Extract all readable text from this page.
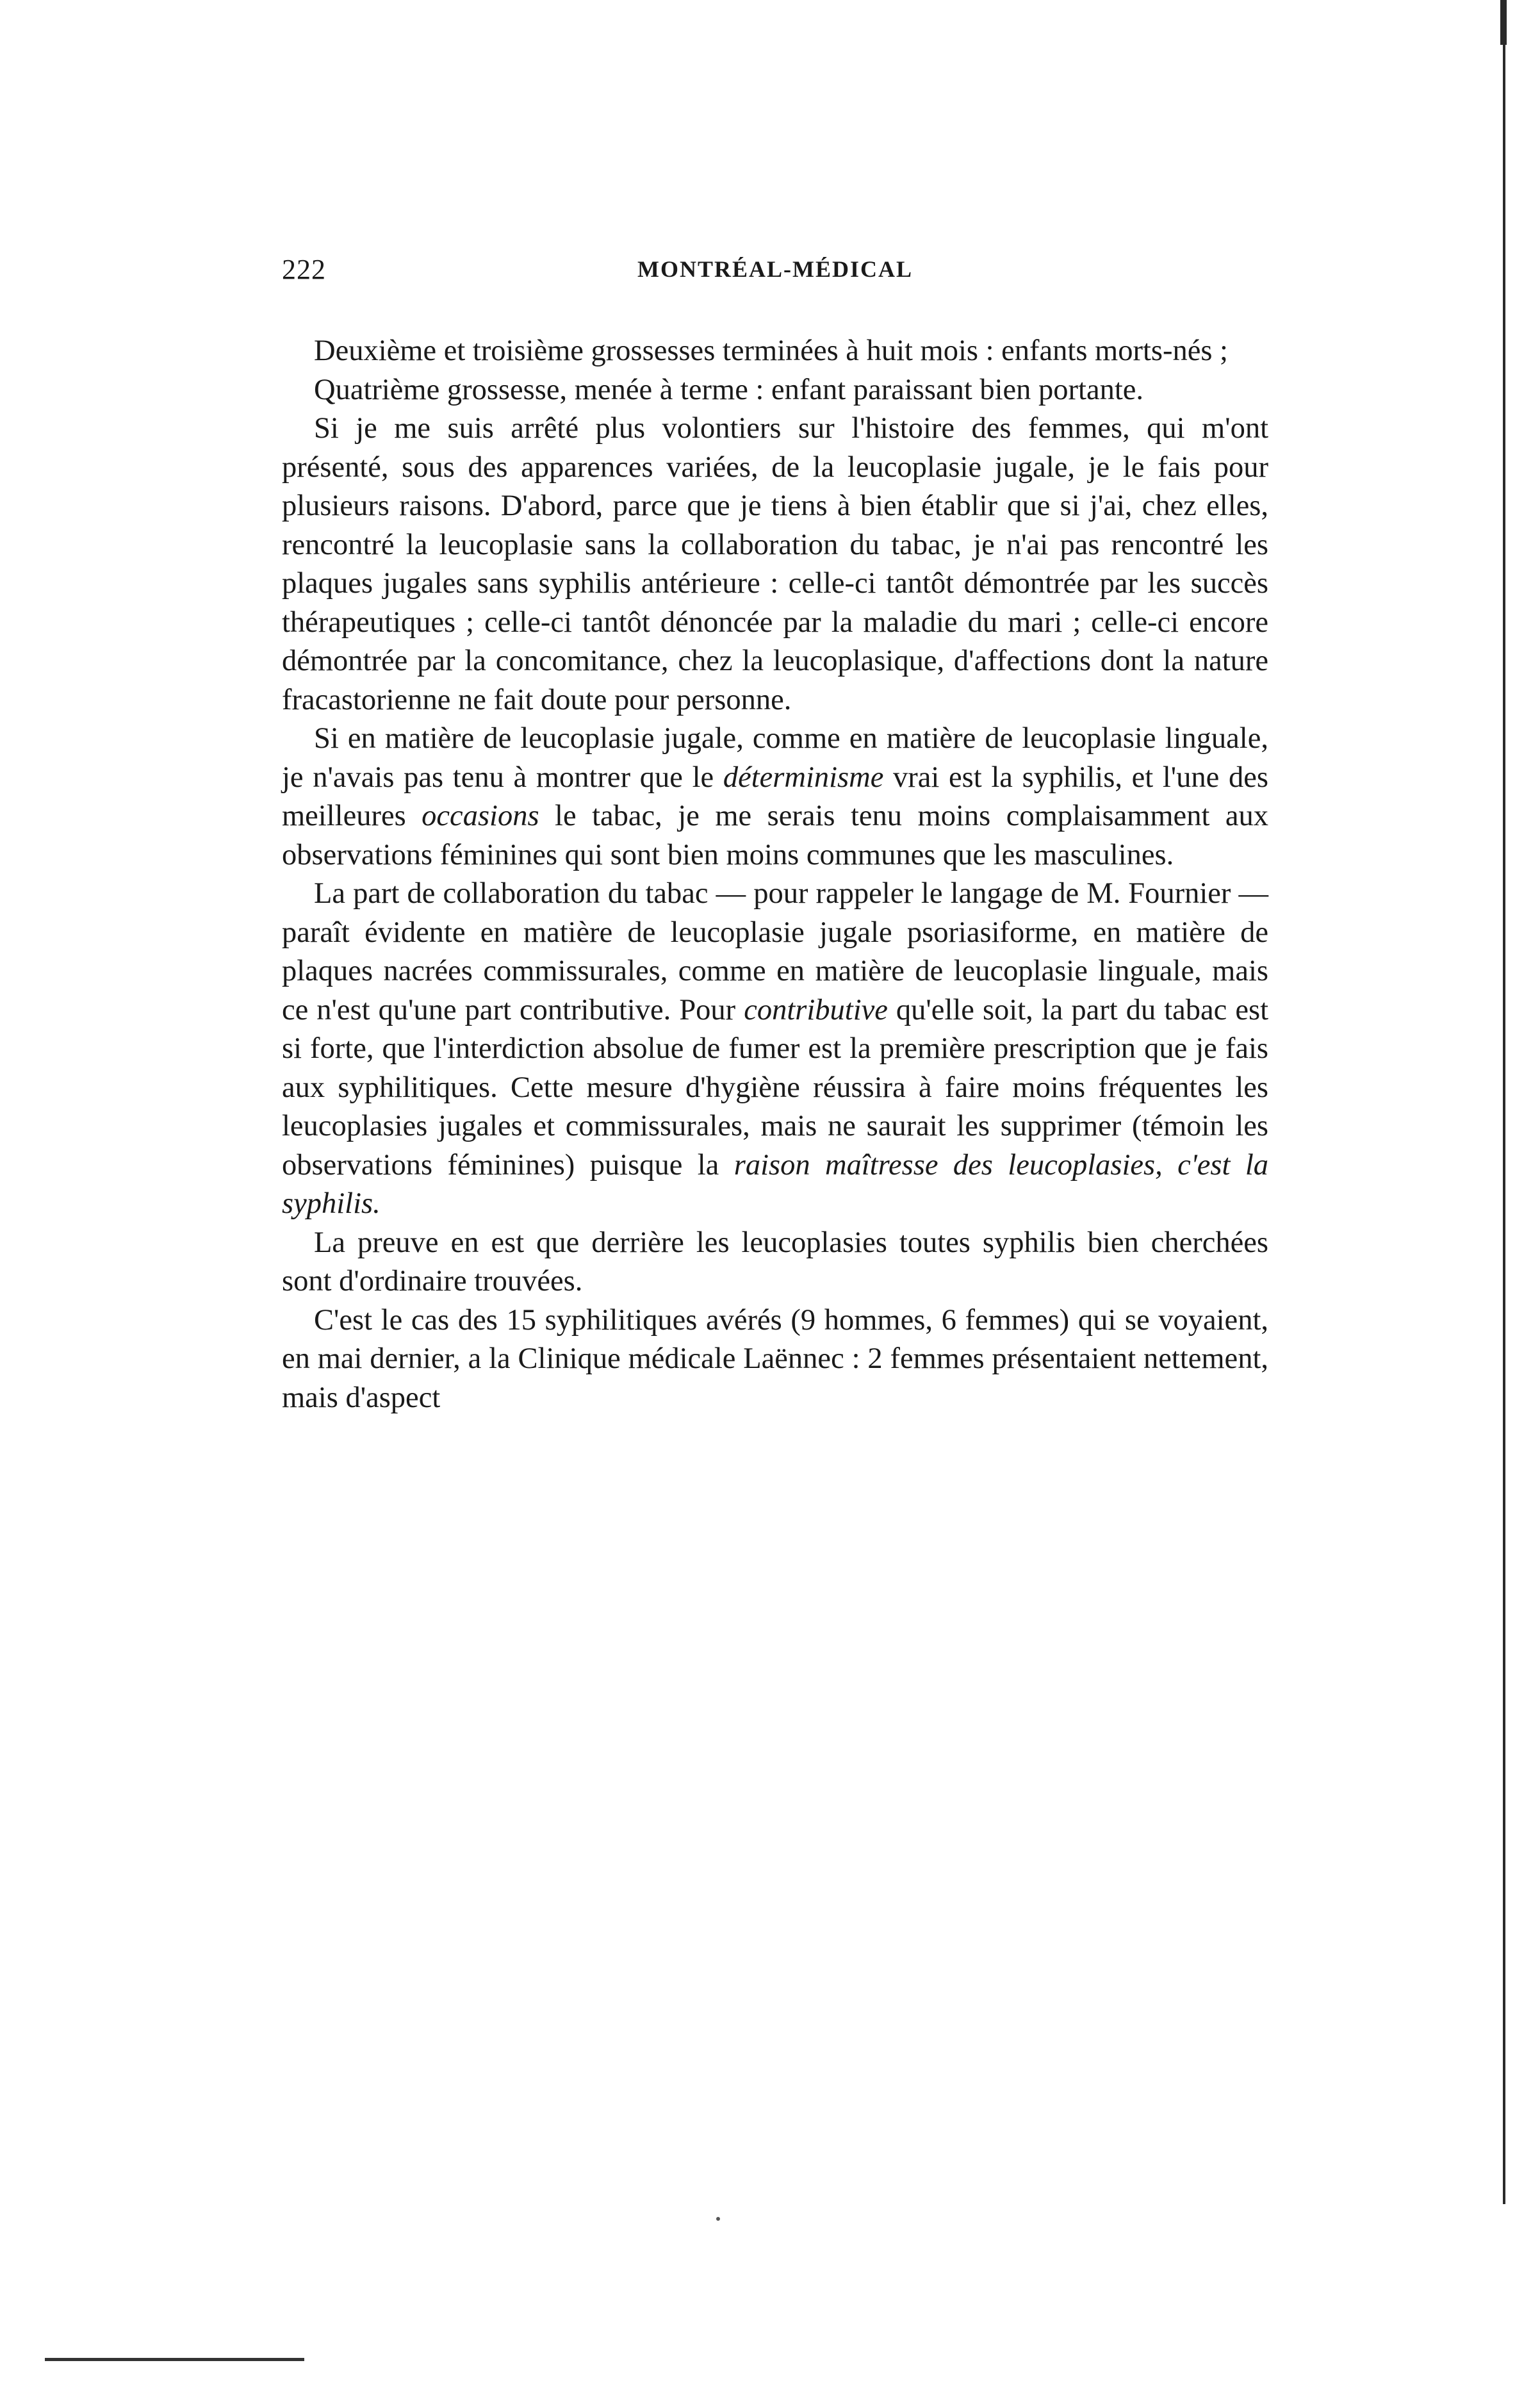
222	MONTRÉAL-MÉDICAL

Deuxième et troisième grossesses terminées à huit mois : enfants morts-nés ;

Quatrième grossesse, menée à terme : enfant paraissant bien portante.

Si je me suis arrêté plus volontiers sur l'histoire des femmes, qui m'ont présenté, sous des apparences variées, de la leucoplasie jugale, je le fais pour plusieurs raisons. D'abord, parce que je tiens à bien établir que si j'ai, chez elles, rencontré la leucoplasie sans la collaboration du tabac, je n'ai pas rencontré les plaques jugales sans syphilis antérieure : celle-ci tantôt démontrée par les succès thérapeutiques ; celle-ci tantôt dénoncée par la maladie du mari ; celle-ci encore démontrée par la concomitance, chez la leucoplasique, d'affections dont la nature fracastorienne ne fait doute pour personne.

Si en matière de leucoplasie jugale, comme en matière de leucoplasie linguale, je n'avais pas tenu à montrer que le déterminisme vrai est la syphilis, et l'une des meilleures occasions le tabac, je me serais tenu moins complaisamment aux observations féminines qui sont bien moins communes que les masculines.

La part de collaboration du tabac — pour rappeler le langage de M. Fournier — paraît évidente en matière de leucoplasie jugale psoriasiforme, en matière de plaques nacrées commissurales, comme en matière de leucoplasie linguale, mais ce n'est qu'une part contributive. Pour contributive qu'elle soit, la part du tabac est si forte, que l'interdiction absolue de fumer est la première prescription que je fais aux syphilitiques. Cette mesure d'hygiène réussira à faire moins fréquentes les leucoplasies jugales et commissurales, mais ne saurait les supprimer (témoin les observations féminines) puisque la raison maîtresse des leucoplasies, c'est la syphilis.

La preuve en est que derrière les leucoplasies toutes syphilis bien cherchées sont d'ordinaire trouvées.

C'est le cas des 15 syphilitiques avérés (9 hommes, 6 femmes) qui se voyaient, en mai dernier, a la Clinique médicale Laënnec : 2 femmes présentaient nettement, mais d'aspect
